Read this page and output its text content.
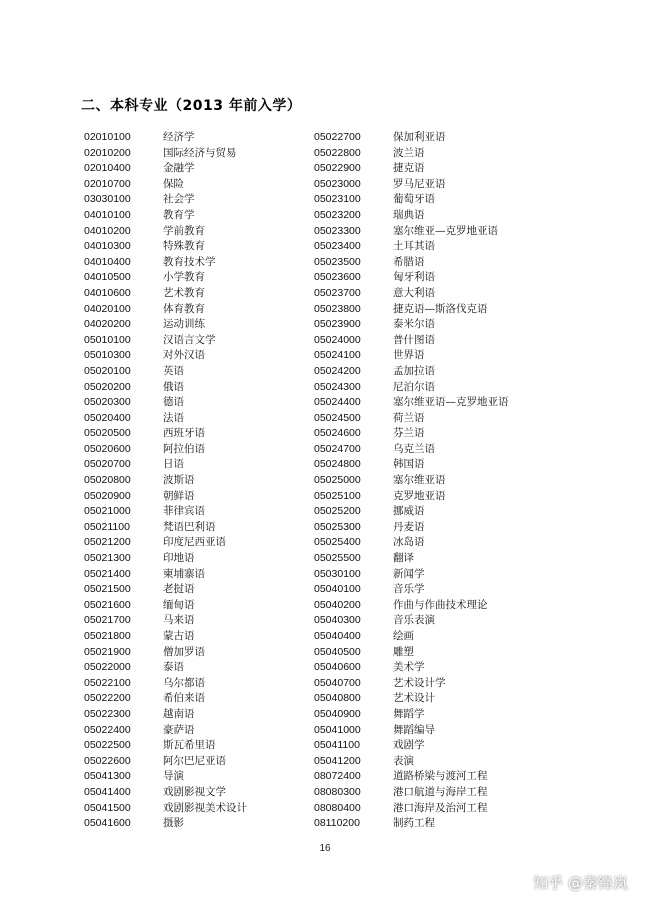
二、本科专业（2013 年前入学）
02010100	经济学
02010200	国际经济与贸易
02010400	金融学
02010700	保险
03030100	社会学
04010100	教育学
04010200	学前教育
04010300	特殊教育
04010400	教育技术学
04010500	小学教育
04010600	艺术教育
04020100	体育教育
04020200	运动训练
05010100	汉语言文学
05010300	对外汉语
05020100	英语
05020200	俄语
05020300	德语
05020400	法语
05020500	西班牙语
05020600	阿拉伯语
05020700	日语
05020800	波斯语
05020900	朝鲜语
05021000	菲律宾语
05021100	梵语巴利语
05021200	印度尼西亚语
05021300	印地语
05021400	柬埔寨语
05021500	老挝语
05021600	缅甸语
05021700	马来语
05021800	蒙古语
05021900	僧加罗语
05022000	泰语
05022100	乌尔都语
05022200	希伯来语
05022300	越南语
05022400	豪萨语
05022500	斯瓦希里语
05022600	阿尔巴尼亚语
05041300	导演
05041400	戏剧影视文学
05041500	戏剧影视美术设计
05041600	摄影
05022700	保加利亚语
05022800	波兰语
05022900	捷克语
05023000	罗马尼亚语
05023100	葡萄牙语
05023200	瑞典语
05023300	塞尔维亚—克罗地亚语
05023400	土耳其语
05023500	希腊语
05023600	匈牙利语
05023700	意大利语
05023800	捷克语—斯洛伐克语
05023900	泰米尔语
05024000	普什图语
05024100	世界语
05024200	孟加拉语
05024300	尼泊尔语
05024400	塞尔维亚语—克罗地亚语
05024500	荷兰语
05024600	芬兰语
05024700	乌克兰语
05024800	韩国语
05025000	塞尔维亚语
05025100	克罗地亚语
05025200	挪威语
05025300	丹麦语
05025400	冰岛语
05025500	翻译
05030100	新闻学
05040100	音乐学
05040200	作曲与作曲技术理论
05040300	音乐表演
05040400	绘画
05040500	雕塑
05040600	美术学
05040700	艺术设计学
05040800	艺术设计
05040900	舞蹈学
05041000	舞蹈编导
05041100	戏剧学
05041200	表演
08072400	道路桥梁与渡河工程
08080300	港口航道与海岸工程
08080400	港口海岸及治河工程
08110200	制药工程
16
知乎 @秦锋岚
